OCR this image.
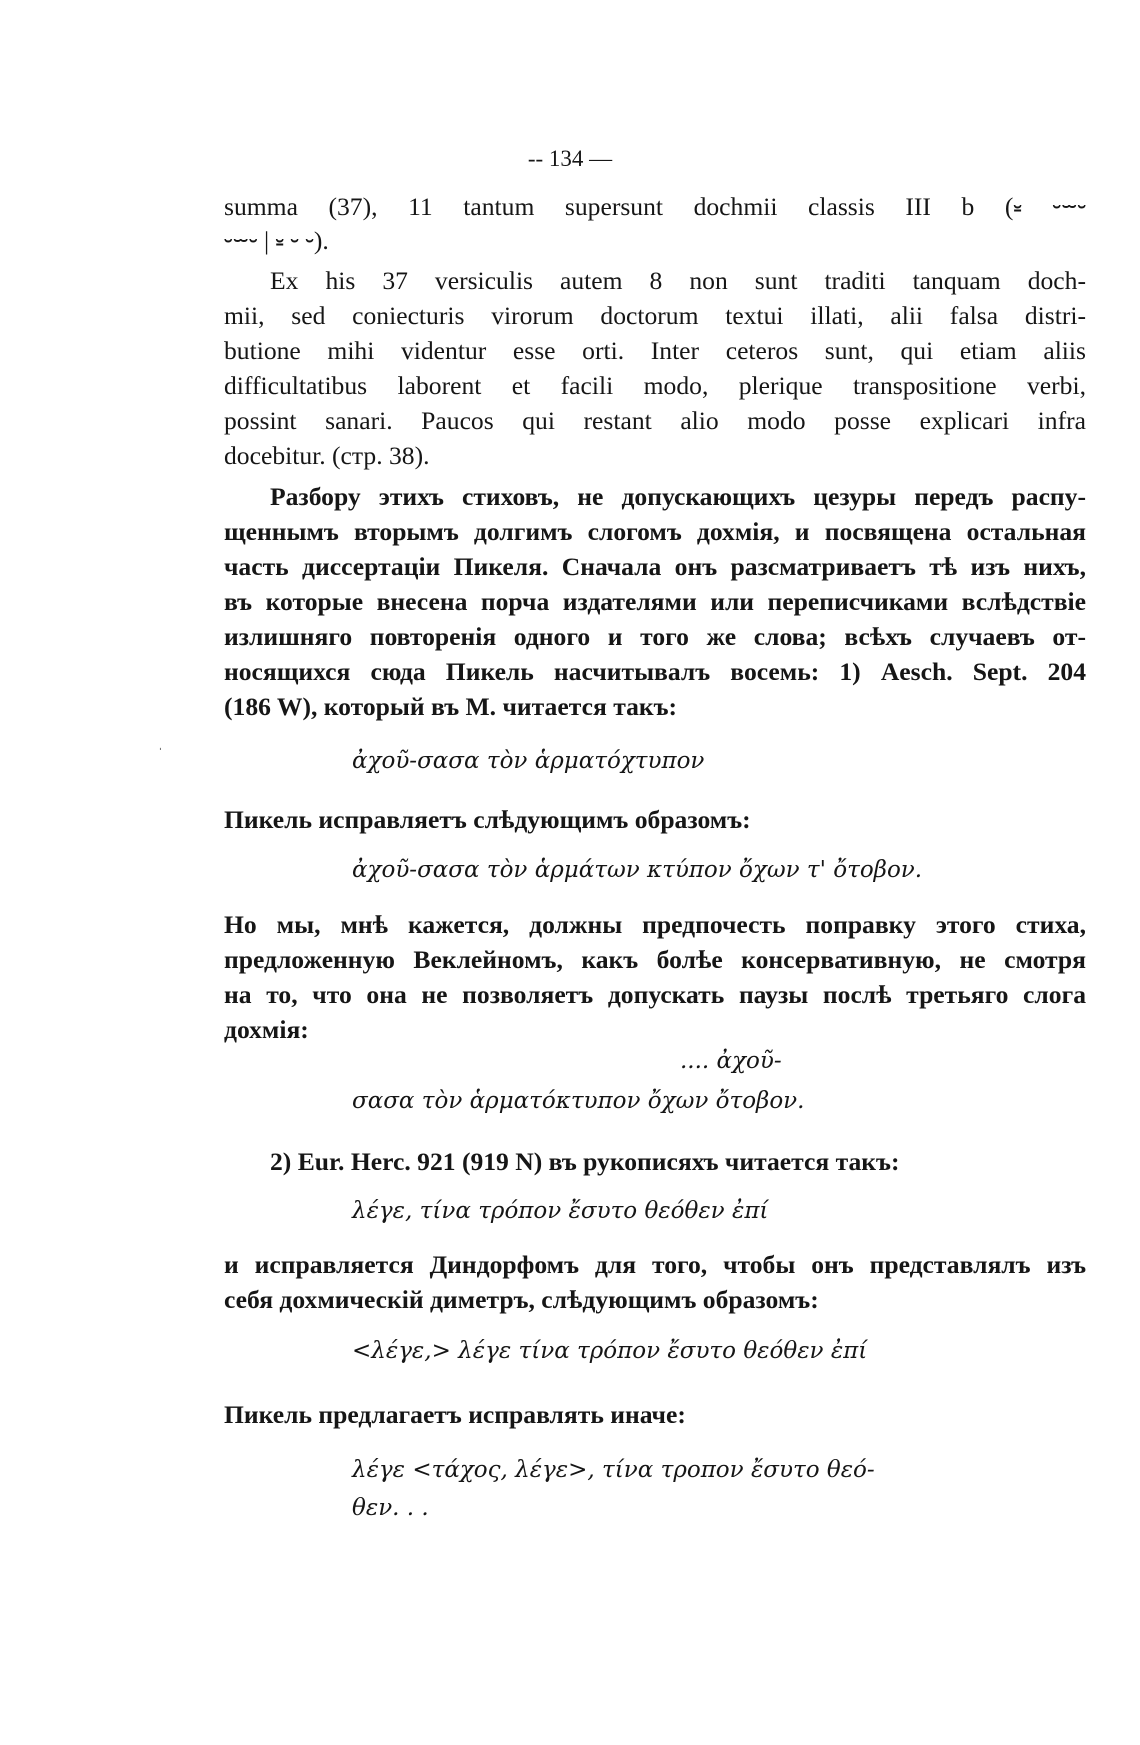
-- 134 —

summa (37), 11 tantum supersunt dochmii classis III b (⏓ ⏑⏖⏑

⏑⏖⏑ | ⏓ ⏑ ⏑).

Ex his 37 versiculis autem 8 non sunt traditi tanquam doch-

mii, sed coniecturis virorum doctorum textui illati, alii falsa distri-

butione mihi videntur esse orti. Inter ceteros sunt, qui etiam aliis

difficultatibus laborent et facili modo, plerique transpositione verbi,

possint sanari. Paucos qui restant alio modo posse explicari infra

docebitur. (стр. 38).

Разбору этихъ стиховъ, не допускающихъ цезуры передъ распу-

щеннымъ вторымъ долгимъ слогомъ дохмія, и посвящена остальная

часть диссертаціи Пикеля. Сначала онъ разсматриваетъ тѣ изъ нихъ,

въ которые внесена порча издателями или переписчиками вслѣдствіе

излишняго повторенія одного и того же слова; всѣхъ случаевъ от-

носящихся сюда Пикель насчитывалъ восемь: 1) Aesch. Sept. 204

(186 W), который въ M. читается такъ:

ˌ
ἀχοῦ-σασα τὸν ἁρματόχτυπον

Пикель исправляетъ слѣдующимъ образомъ:

ἀχοῦ-σασα τὸν ἁρμάτων κτύπον ὄχων τ' ὄτοβον.

Но мы, мнѣ кажется, должны предпочесть поправку этого стиха,

предложенную Веклейномъ, какъ болѣе консервативную, не смотря

на то, что она не позволяетъ допускать паузы послѣ третьяго слога

дохмія:

.... ἀχοῦ-
σασα τὸν ἁρματόκτυπον ὄχων ὄτοβον.

2) Eur. Herc. 921 (919 N) въ рукописяхъ читается такъ:

λέγε, τίνα τρόπον ἔσυτο θεόθεν ἐπί

и исправляется Диндорфомъ для того, чтобы онъ представлялъ изъ

себя дохмическій диметръ, слѣдующимъ образомъ:

<λέγε,> λέγε τίνα τρόπον ἔσυτο θεόθεν ἐπί

Пикель предлагаетъ исправлять иначе:

λέγε <τάχος, λέγε>, τίνα τροπον ἔσυτο θεό-
θεν. . .
